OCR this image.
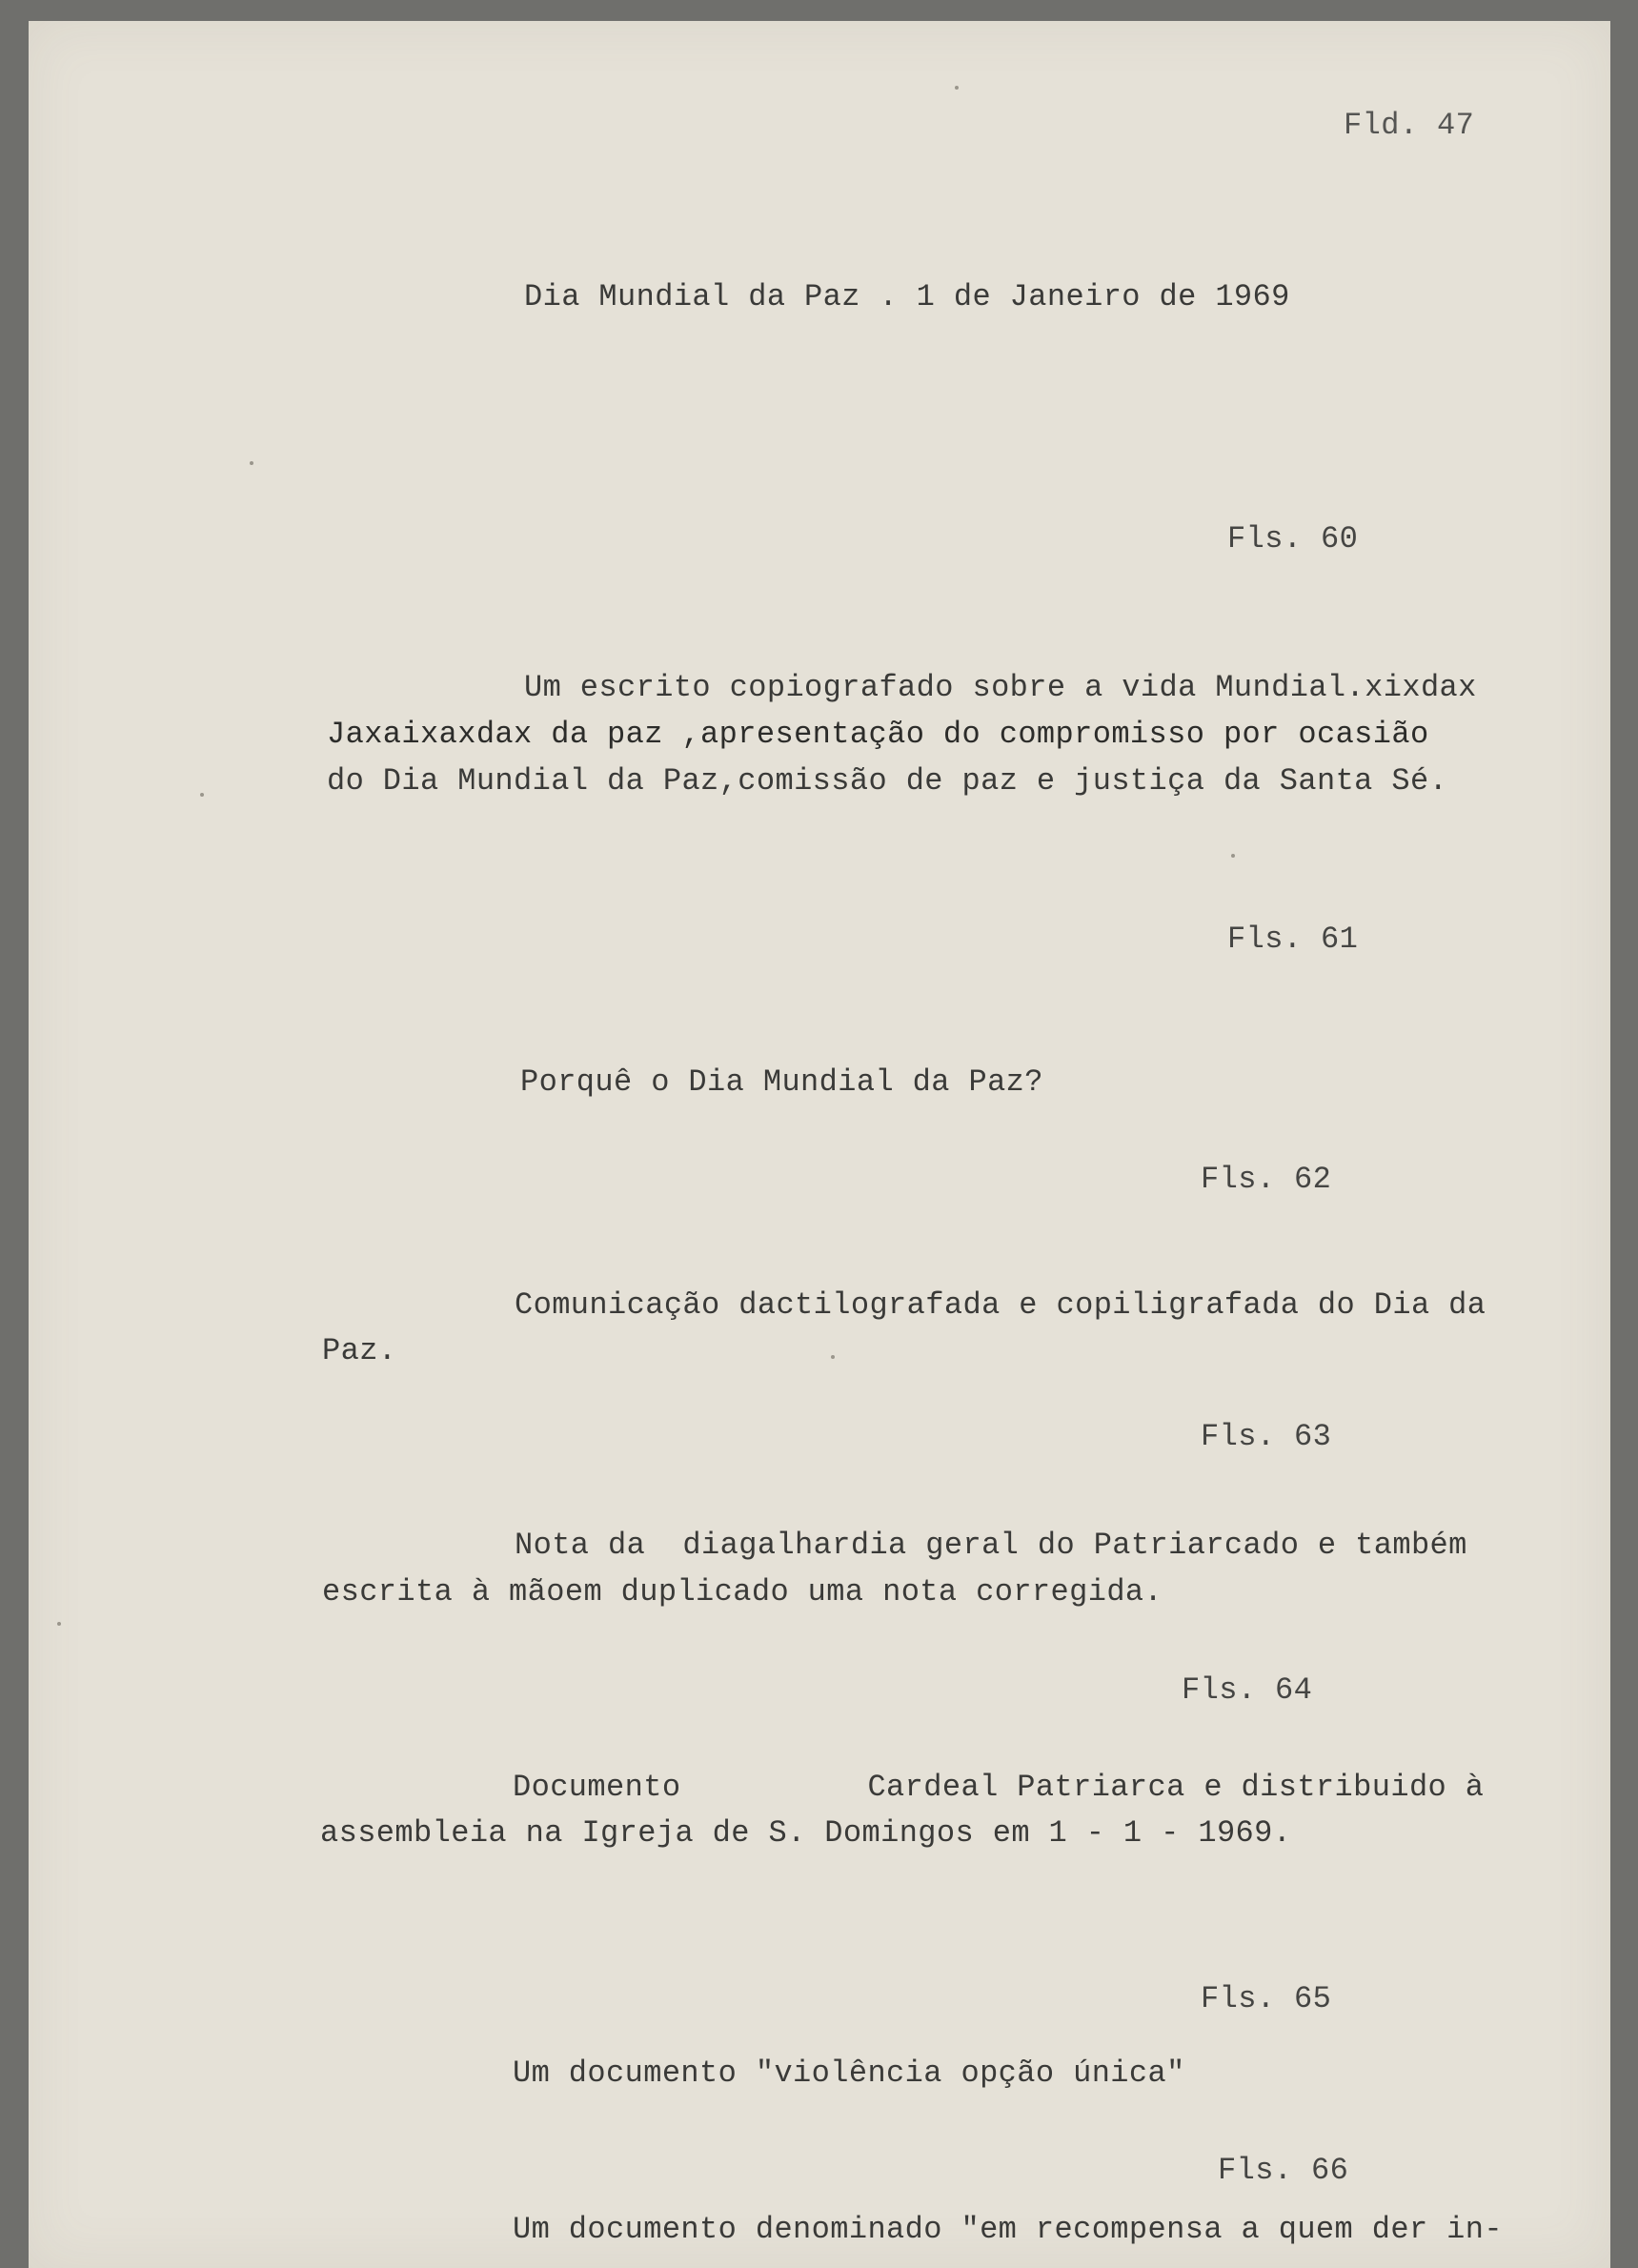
Fld. 47
Dia Mundial da Paz . 1 de Janeiro de 1969
Fls. 60
Um escrito copiografado sobre a vida Mundial.xixdax
Jaxaixaxdax da paz ,apresentação do compromisso por ocasião
do Dia Mundial da Paz,comissão de paz e justiça da Santa Sé.
Fls. 61
Porquê o Dia Mundial da Paz?
Fls. 62
Comunicação dactilografada e copiligrafada do Dia da
Paz.
Fls. 63
Nota da  diagalhardia geral do Patriarcado e também
escrita à mãoem duplicado uma nota corregida.
Fls. 64
Documento          Cardeal Patriarca e distribuido à
assembleia na Igreja de S. Domingos em 1 - 1 - 1969.
Fls. 65
Um documento "violência opção única"
Fls. 66
Um documento denominado "em recompensa a quem der in-
